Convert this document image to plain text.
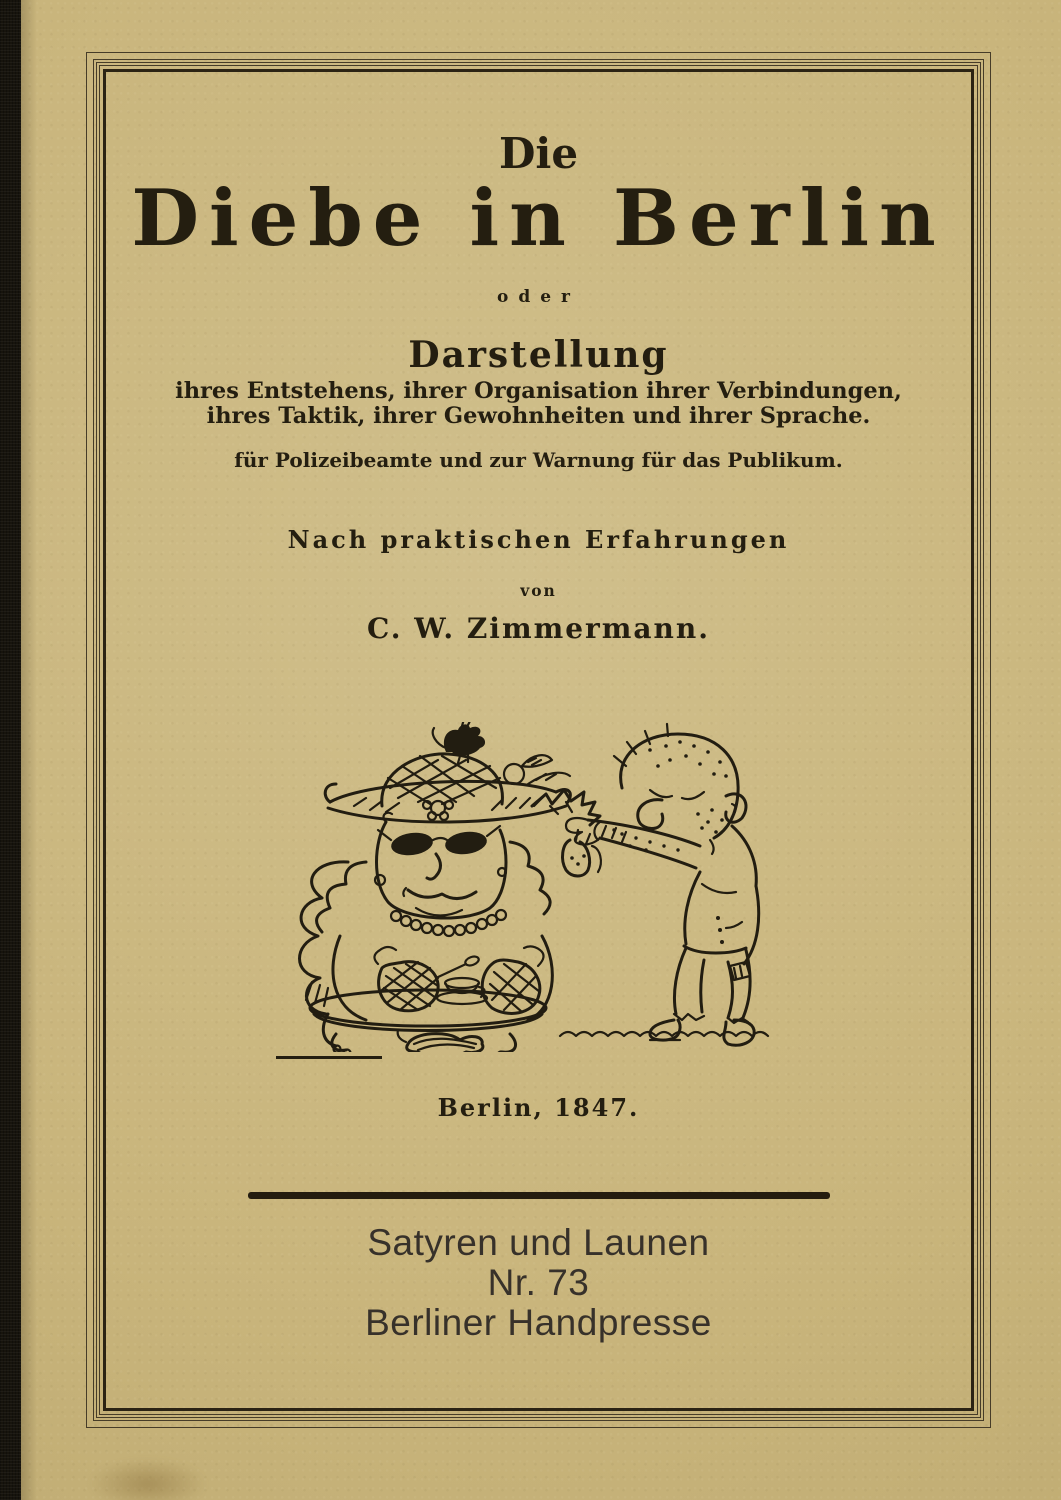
Die
Diebe in Berlin
oder
Darstellung
ihres Entstehens, ihrer Organisation ihrer Verbindungen,
ihres Taktik, ihrer Gewohnheiten und ihrer Sprache.
für Polizeibeamte und zur Warnung für das Publikum.
Nach praktischen Erfahrungen
von
C. W. Zimmermann.
Berlin, 1847.
Satyren und Launen
Nr. 73
Berliner Handpresse
